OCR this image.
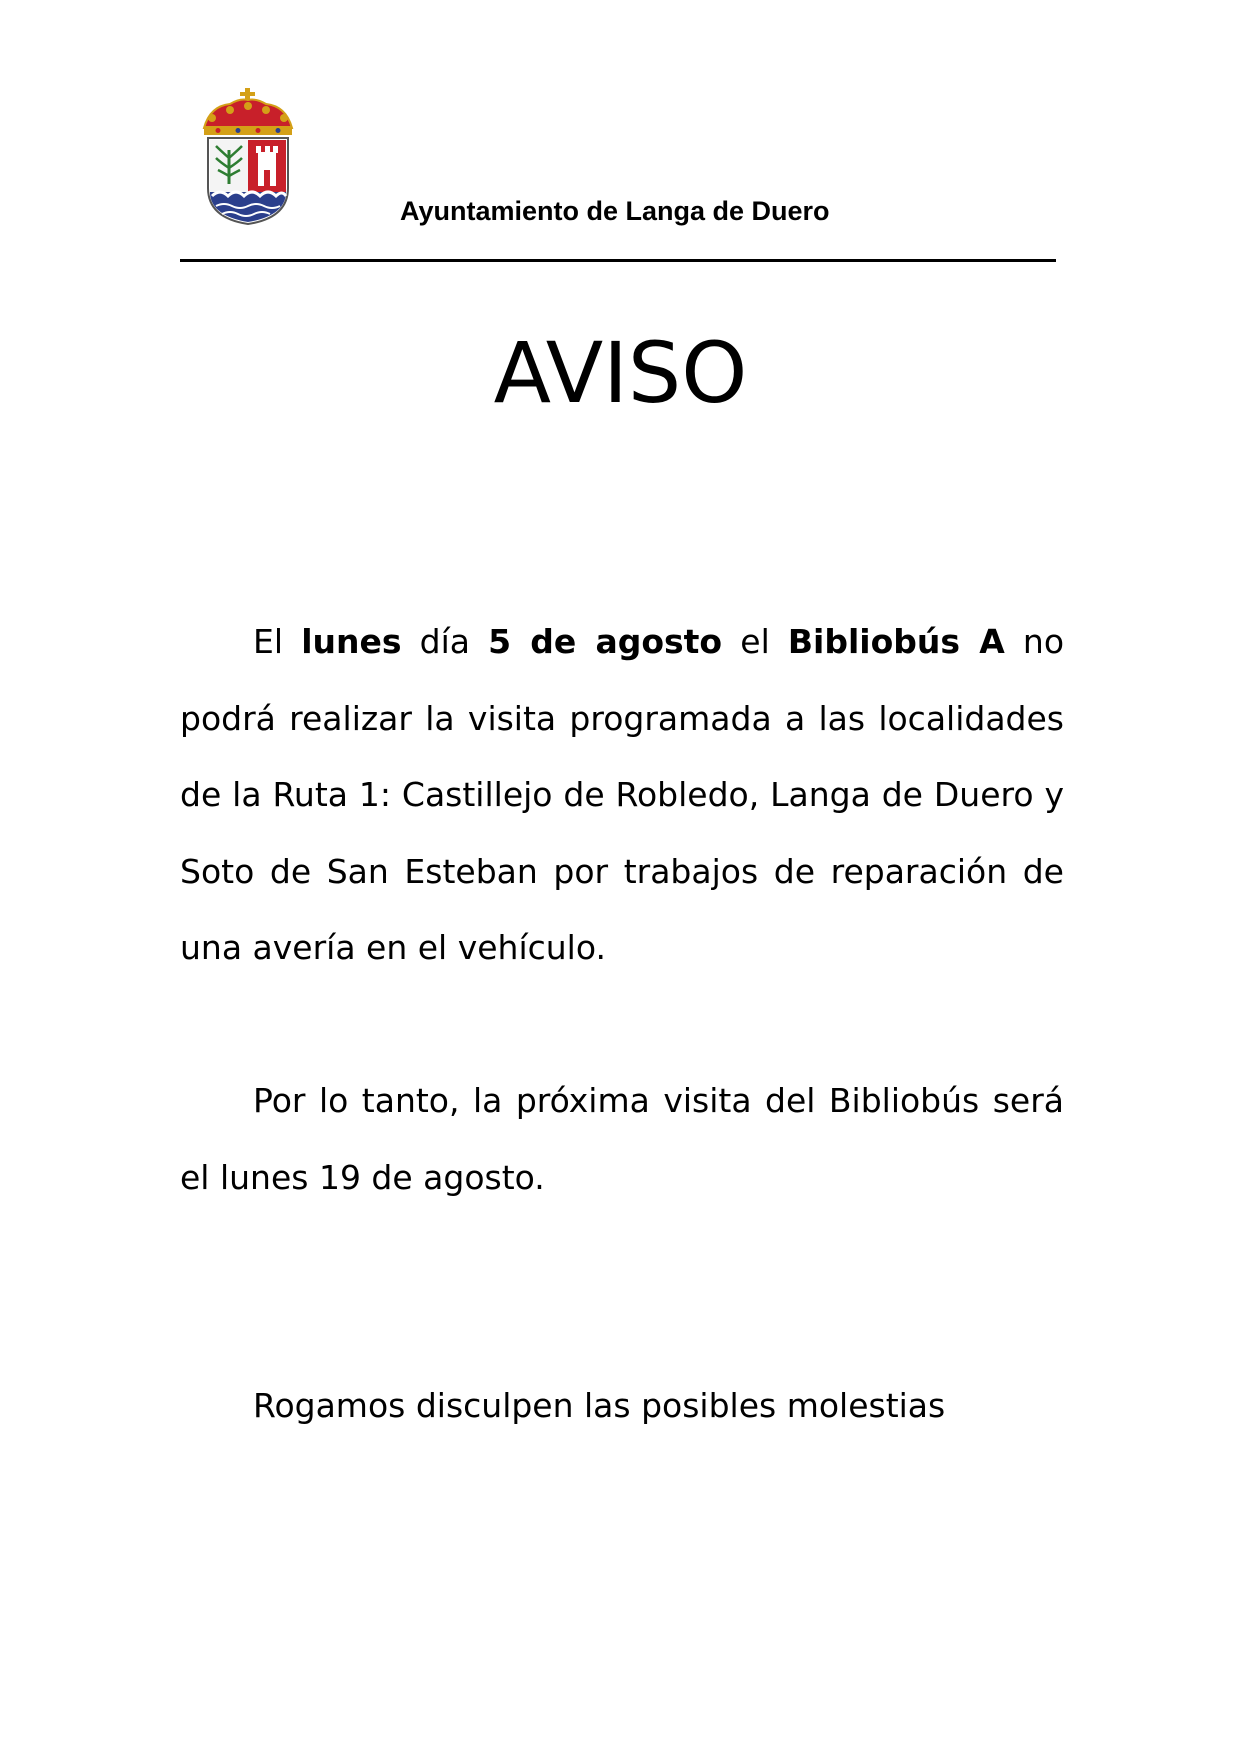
Ayuntamiento de Langa de Duero
AVISO

El lunes día 5 de agosto el Bibliobús A no podrá realizar la visita programada a las localidades de la Ruta 1: Castillejo de Robledo, Langa de Duero y Soto de San Esteban por trabajos de reparación de una avería en el vehículo.

Por lo tanto, la próxima visita del Bibliobús será el lunes 19 de agosto.

Rogamos disculpen las posibles molestias
